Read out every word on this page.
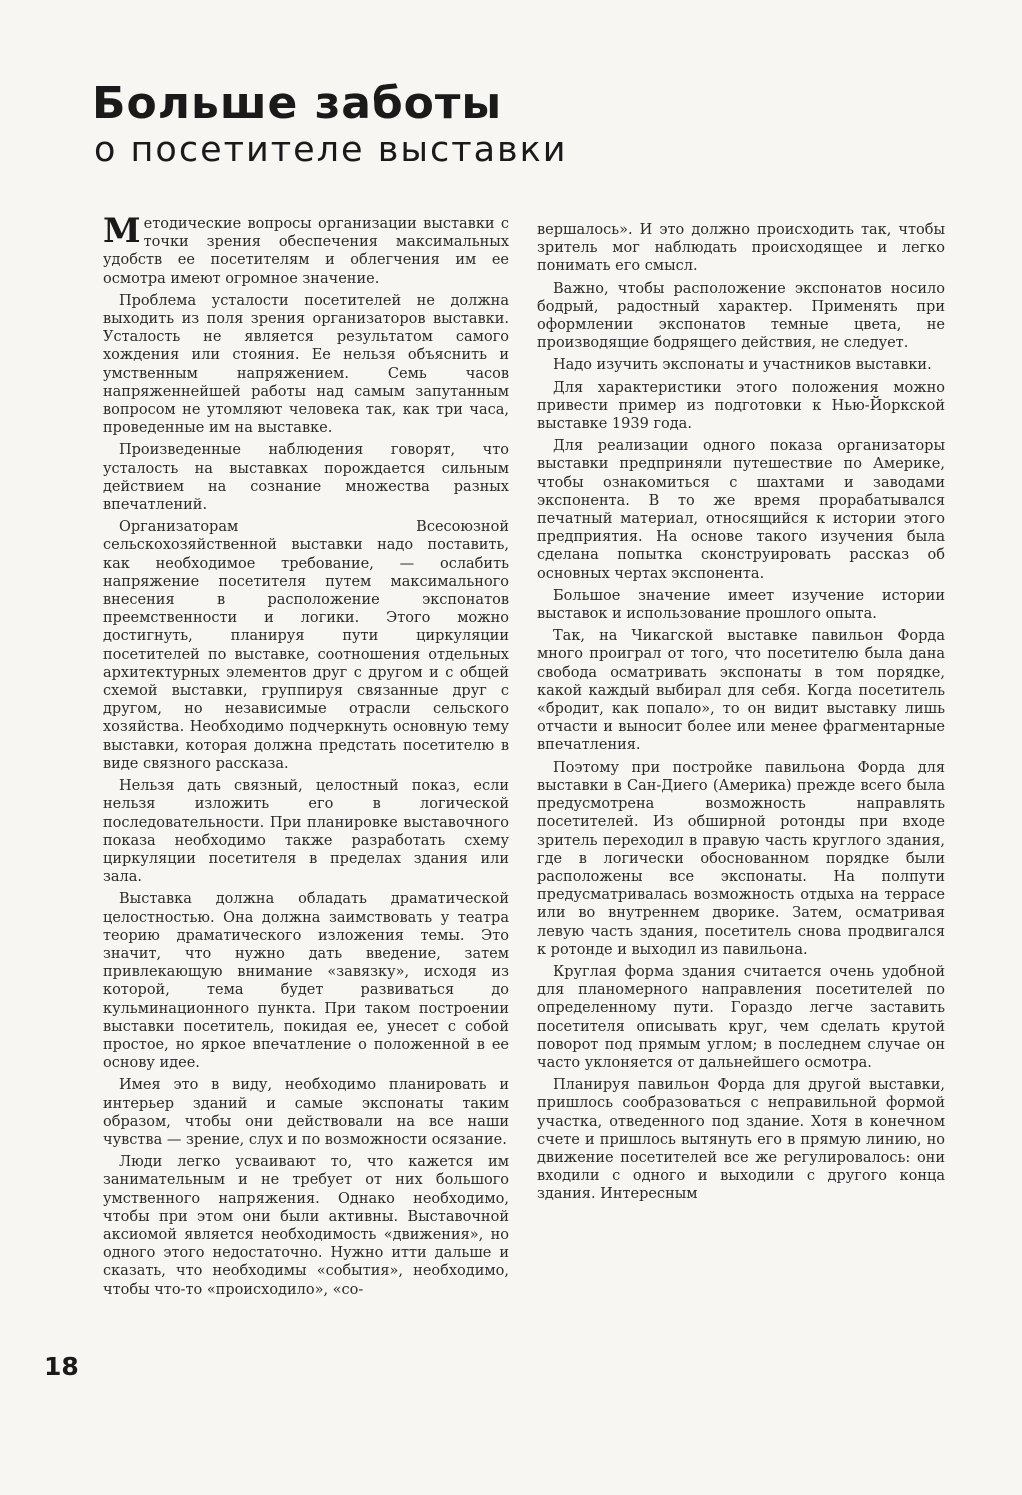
Больше заботы
о посетителе выставки

Методические вопросы организации выставки с точки зрения обеспечения максимальных удобств ее посетителям и облегчения им ее осмотра имеют огромное значение.

Проблема усталости посетителей не должна выходить из поля зрения организаторов выставки. Усталость не является результатом самого хождения или стояния. Ее нельзя объяснить и умственным напряжением. Семь часов напряженнейшей работы над самым запутанным вопросом не утомляют человека так, как три часа, проведенные им на выставке.

Произведенные наблюдения говорят, что усталость на выставках порождается сильным действием на сознание множества разных впечатлений.

Организаторам Всесоюзной сельскохозяйственной выставки надо поставить, как необходимое требование, — ослабить напряжение посетителя путем максимального внесения в расположение экспонатов преемственности и логики. Этого можно достигнуть, планируя пути циркуляции посетителей по выставке, соотношения отдельных архитектурных элементов друг с другом и с общей схемой выставки, группируя связанные друг с другом, но независимые отрасли сельского хозяйства. Необходимо подчеркнуть основную тему выставки, которая должна предстать посетителю в виде связного рассказа.

Нельзя дать связный, целостный показ, если нельзя изложить его в логической последовательности. При планировке выставочного показа необходимо также разработать схему циркуляции посетителя в пределах здания или зала.

Выставка должна обладать драматической целостностью. Она должна заимствовать у театра теорию драматического изложения темы. Это значит, что нужно дать введение, затем привлекающую внимание «завязку», исходя из которой, тема будет развиваться до кульминационного пункта. При таком построении выставки посетитель, покидая ее, унесет с собой простое, но яркое впечатление о положенной в ее основу идее.

Имея это в виду, необходимо планировать и интерьер зданий и самые экспонаты таким образом, чтобы они действовали на все наши чувства — зрение, слух и по возможности осязание.

Люди легко усваивают то, что кажется им занимательным и не требует от них большого умственного напряжения. Однако необходимо, чтобы при этом они были активны. Выставочной аксиомой является необходимость «движения», но одного этого недостаточно. Нужно итти дальше и сказать, что необходимы «события», необходимо, чтобы что-то «происходило», «со-

вершалось». И это должно происходить так, чтобы зритель мог наблюдать происходящее и легко понимать его смысл.

Важно, чтобы расположение экспонатов носило бодрый, радостный характер. Применять при оформлении экспонатов темные цвета, не производящие бодрящего действия, не следует.

Надо изучить экспонаты и участников выставки.

Для характеристики этого положения можно привести пример из подготовки к Нью-Йоркской выставке 1939 года.

Для реализации одного показа организаторы выставки предприняли путешествие по Америке, чтобы ознакомиться с шахтами и заводами экспонента. В то же время прорабатывался печатный материал, относящийся к истории этого предприятия. На основе такого изучения была сделана попытка сконструировать рассказ об основных чертах экспонента.

Большое значение имеет изучение истории выставок и использование прошлого опыта.

Так, на Чикагской выставке павильон Форда много проиграл от того, что посетителю была дана свобода осматривать экспонаты в том порядке, какой каждый выбирал для себя. Когда посетитель «бродит, как попало», то он видит выставку лишь отчасти и выносит более или менее фрагментарные впечатления.

Поэтому при постройке павильона Форда для выставки в Сан-Диего (Америка) прежде всего была предусмотрена возможность направлять посетителей. Из обширной ротонды при входе зритель переходил в правую часть круглого здания, где в логически обоснованном порядке были расположены все экспонаты. На полпути предусматривалась возможность отдыха на террасе или во внутреннем дворике. Затем, осматривая левую часть здания, посетитель снова продвигался к ротонде и выходил из павильона.

Круглая форма здания считается очень удобной для планомерного направления посетителей по определенному пути. Гораздо легче заставить посетителя описывать круг, чем сделать крутой поворот под прямым углом; в последнем случае он часто уклоняется от дальнейшего осмотра.

Планируя павильон Форда для другой выставки, пришлось сообразоваться с неправильной формой участка, отведенного под здание. Хотя в конечном счете и пришлось вытянуть его в прямую линию, но движение посетителей все же регулировалось: они входили с одного и выходили с другого конца здания. Интересным

18
